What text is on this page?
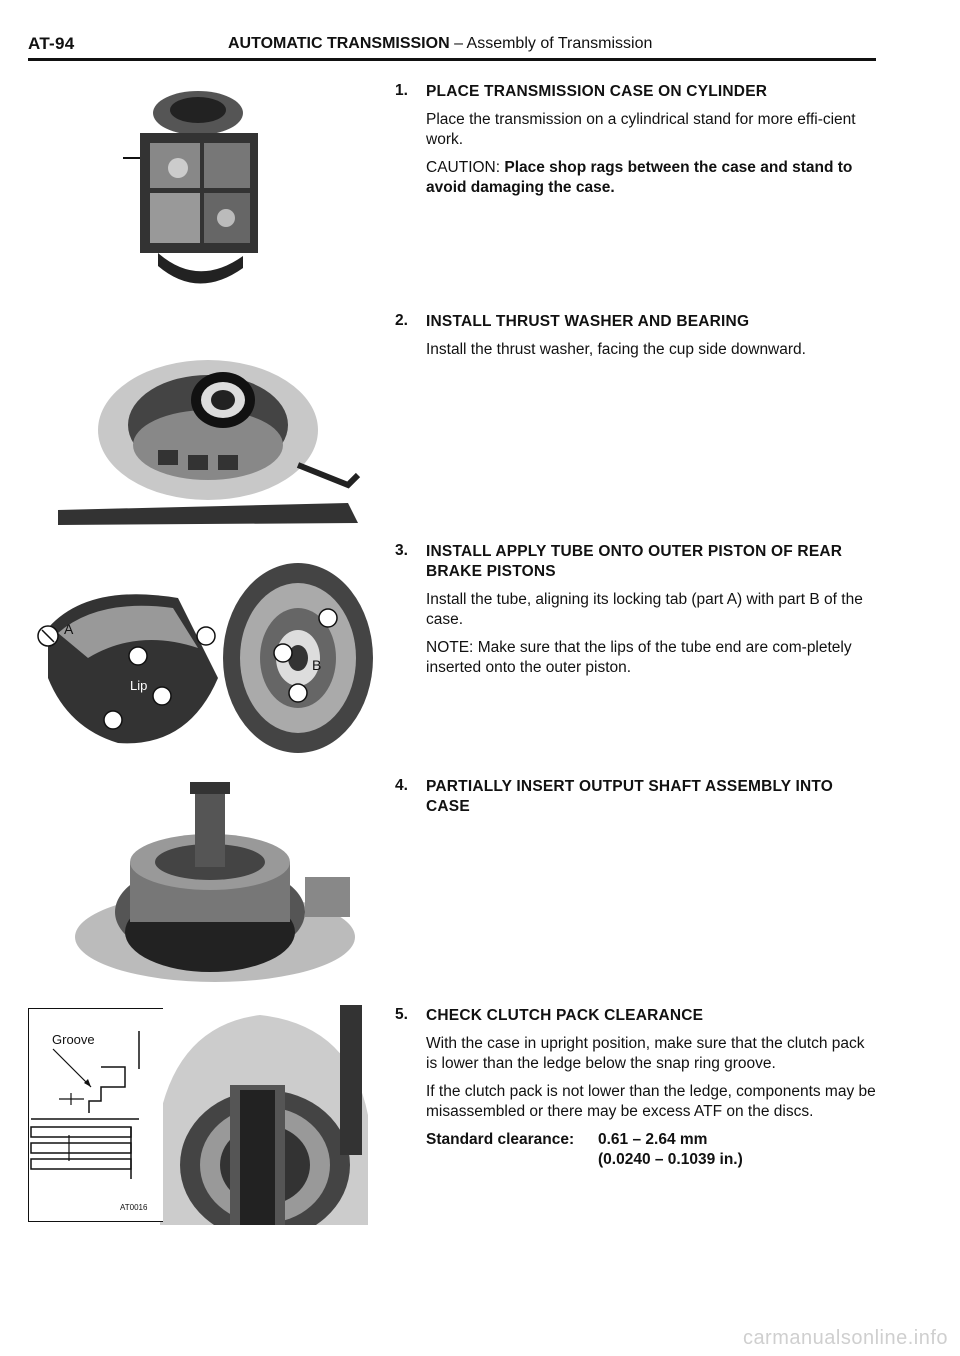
AT-94	AUTOMATIC TRANSMISSION – Assembly of Transmission
A
B
Lip
Groove
AT0016
1. PLACE TRANSMISSION CASE ON CYLINDER

Place the transmission on a cylindrical stand for more effi-cient work.

CAUTION: Place shop rags between the case and stand to avoid damaging the case.

2. INSTALL THRUST WASHER AND BEARING

Install the thrust washer, facing the cup side downward.

3. INSTALL APPLY TUBE ONTO OUTER PISTON OF REAR BRAKE PISTONS

Install the tube, aligning its locking tab (part A) with part B of the case.

NOTE: Make sure that the lips of the tube end are com-pletely inserted onto the outer piston.

4. PARTIALLY INSERT OUTPUT SHAFT ASSEMBLY INTO CASE
5. CHECK CLUTCH PACK CLEARANCE

With the case in upright position, make sure that the clutch pack is lower than the ledge below the snap ring groove.

If the clutch pack is not lower than the ledge, components may be misassembled or there may be excess ATF on the discs.

Standard clearance: 0.61 – 2.64 mm
(0.0240 – 0.1039 in.)
carmanualsonline.info
